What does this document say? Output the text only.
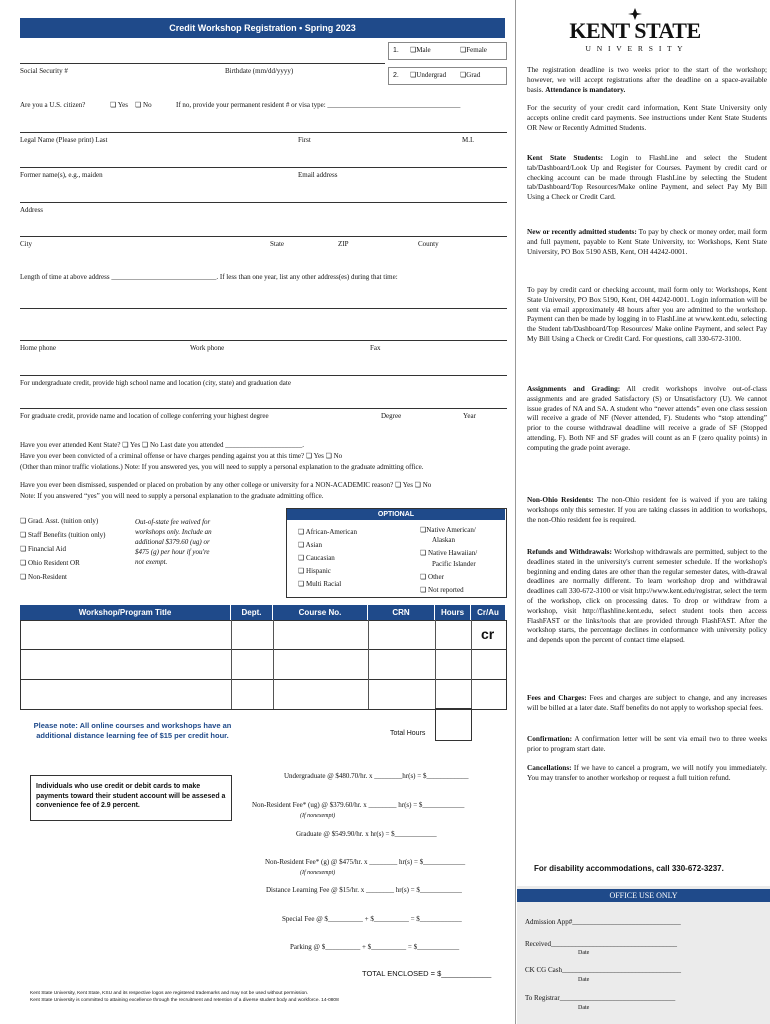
Credit Workshop Registration • Spring 2023
1. ❏	Male ❏	Female
2. ❏	Undergrad ❏	Grad
Social Security #	Birthdate (mm/dd/yyyy)
Are you a U.S. citizen? ❏	Yes ❏	No	If no, provide your permanent resident # or visa type: ______________________________________
Legal Name (Please print) Last	First	M.I.
Former name(s), e.g., maiden	Email address
Address
City	State	ZIP	County
Length of time at above address ______________________________. If less than one year, list any other address(es) during that time:
Home phone	Work phone	Fax
For undergraduate credit, provide high school name and location (city, state) and graduation date
For graduate credit, provide name and location of college conferring your highest degree	Degree	Year
Have you ever attended Kent State? ❏ Yes ❏ No Last date you attended ______________________.
Have you ever been convicted of a criminal offense or have charges pending against you at this time? ❏ Yes ❏ No
(Other than minor traffic violations.) Note: If you answered yes, you will need to supply a personal explanation to the graduate admitting office.
Have you ever been dismissed, suspended or placed on probation by any other college or university for a NON-ACADEMIC reason? ❏ Yes ❏ No
Note: If you answered “yes” you will need to supply a personal explanation to the graduate admitting office.
❏ Grad. Asst. (tuition only)
❏ Staff Benefits (tuition only)
❏ Financial Aid
❏ Ohio Resident OR
❏ Non-Resident
Out-of-state fee waived for
workshops only. Include an
additional $379.60 (ug) or
$475 (g) per hour if you're
not exempt.
OPTIONAL
❏ African-American
❏ Asian
❏ Caucasian
❏ Hispanic
❏ Multi Racial
❏ Native American/
Alaskan
❏ Native Hawaiian/
Pacific Islander
❏ Other
❏ Not reported
Workshop/Program Title	Dept.	Course No.	CRN	Hours	Cr/Au
cr
Total Hours
Please note: All online courses and workshops have an additional distance learning fee of $15 per credit hour.
Individuals who use credit or debit cards to make payments toward their student account will be assesed a convenience fee of 2.9 percent.
Undergraduate @ $480.70/hr. x ________hr(s) = $____________
Non-Resident Fee* (ug) @ $379.60/hr. x ________ hr(s) = $____________
(If nonexempt)
Graduate @ $549.90/hr. x hr(s) = $____________
Non-Resident Fee* (g) @ $475/hr. x ________ hr(s) = $____________
(If nonexempt)
Distance Learning Fee @ $15/hr. x ________ hr(s) = $____________
Special Fee @ $__________ + $__________ = $____________
Parking @ $__________ + $__________ = $____________
TOTAL ENCLOSED = $____________
Kent State University, Kent State, KSU and its respective logos are registered trademarks and may not be used without permission.
Kent State University is committed to attaining excellence through the recruitment and retention of a diverse student body and workforce. 14-0808
KENT STATE
U N I V E R S I T Y
The registration deadline is two weeks prior to the start of the workshop; however, we will accept registrations after the deadline on a space-available basis. Attendance is mandatory.
For the security of your credit card information, Kent State University only accepts online credit card payments. See instructions under Kent State Students OR New or Recently Admitted Students.
Kent State Students: Login to FlashLine and select the Student tab/Dashboard/Look Up and Register for Courses. Payment by credit card or checking account can be made through FlashLine by selecting the Student tab/Dashboard/Top Resources/Make online Payment, and select Pay My Bill Using a Check or Credit Card.
New or recently admitted students: To pay by check or money order, mail form and full payment, payable to Kent State University, to: Workshops, Kent State University, PO Box 5190 ASB, Kent, OH 44242-0001.
To pay by credit card or checking account, mail form only to: Workshops, Kent State University, PO Box 5190, Kent, OH 44242-0001. Login information will be sent via email approximately 48 hours after you are admitted to the workshop. Payment can then be made by logging in to FlashLine at www.kent.edu, selecting the Student tab/Dashboard/Top Resources/ Make online Payment, and select Pay My Bill Using a Check or Credit Card. For questions, call 330-672-3100.
Assignments and Grading: All credit workshops involve out-of-class assignments and are graded Satisfactory (S) or Unsatisfactory (U). We cannot issue grades of NA and SA. A student who “never attends” even one class session will receive a grade of NF (Never attended, F). Students who “stop attending” prior to the course withdrawal deadline will receive a grade of SF (Stopped attending, F). Both NF and SF grades will count as an F (zero quality points) in computing the grade point average.
Non-Ohio Residents: The non-Ohio resident fee is waived if you are taking workshops only this semester. If you are taking classes in addition to workshops, the non-Ohio resident fee is required.
Refunds and Withdrawals: Workshop withdrawals are permitted, subject to the deadlines stated in the university's current semester schedule. If the workshop's beginning and ending dates are other than the regular semester dates, with-drawal deadlines are normally different. To learn workshop drop and withdrawal deadlines call 330-672-3100 or visit http://www.kent.edu/registrar, select the term of the workshop, click on processing dates. To drop or withdraw from a workshop, visit http://flashline.kent.edu, select student tools then access FlashFAST or the links/tools that are provided through FlashFAST. After the workshop starts, the percentage declines in conformance with university policy and depends upon the percent of contact time elapsed.
Fees and Charges: Fees and charges are subject to change, and any increases will be billed at a later date. Staff benefits do not apply to workshop special fees.
Confirmation: A confirmation letter will be sent via email two to three weeks prior to program start date.
Cancellations: If we have to cancel a program, we will notify you immediately. You may transfer to another workshop or request a full tuition refund.
For disability accommodations, call 330-672-3237.
OFFICE USE ONLY
Admission App#_______________________________
Received____________________________________
Date
CK CG Cash__________________________________
Date
To Registrar_________________________________
Date
